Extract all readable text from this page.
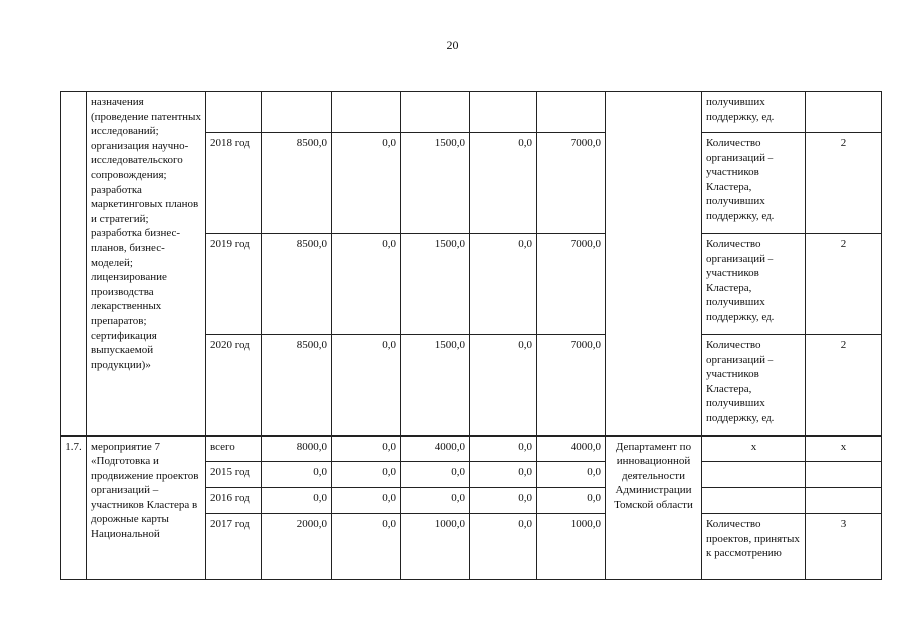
20
	назначения (проведение патентных исследований; организация научно-исследовательского сопровождения; разработка маркетинговых планов и стратегий; разработка бизнес-планов, бизнес-моделей; лицензирование производства лекарственных препаратов; сертификация выпускаемой продукции)»								получивших поддержку, ед.	
		2018 год	8500,0	0,0	1500,0	0,0	7000,0		Количество организаций – участников Кластера, получивших поддержку, ед.	2
		2019 год	8500,0	0,0	1500,0	0,0	7000,0		Количество организаций – участников Кластера, получивших поддержку, ед.	2
		2020 год	8500,0	0,0	1500,0	0,0	7000,0		Количество организаций – участников Кластера, получивших поддержку, ед.	2
1.7.	мероприятие 7 «Подготовка и продвижение проектов организаций – участников Кластера в дорожные карты Национальной	всего	8000,0	0,0	4000,0	0,0	4000,0	Департамент по инновационной деятельности Администрации Томской области	х	х
		2015 год	0,0	0,0	0,0	0,0	0,0			
		2016 год	0,0	0,0	0,0	0,0	0,0			
		2017 год	2000,0	0,0	1000,0	0,0	1000,0		Количество проектов, принятых к рассмотрению	3
